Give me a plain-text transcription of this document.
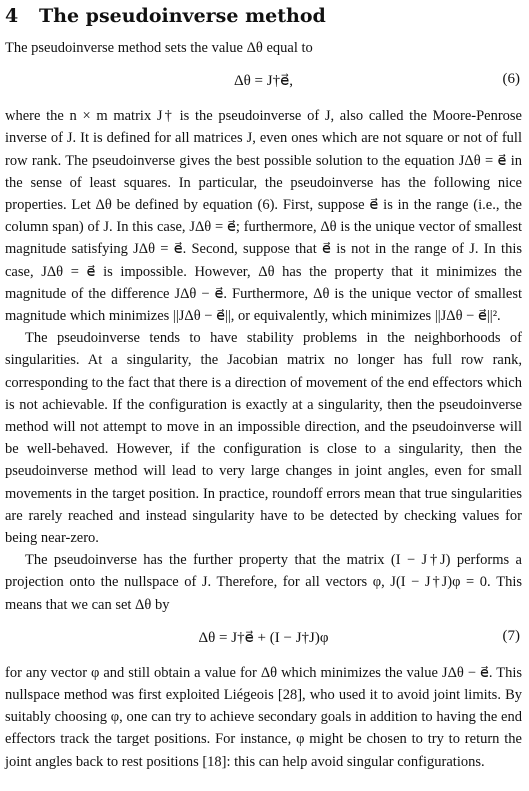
4 The pseudoinverse method

The pseudoinverse method sets the value Δθ equal to

Δθ = J†e⃗,	(6)

where the n × m matrix J† is the pseudoinverse of J, also called the Moore-Penrose inverse of J. It is defined for all matrices J, even ones which are not square or not of full row rank. The pseudoinverse gives the best possible solution to the equation JΔθ = e⃗ in the sense of least squares. In particular, the pseudoinverse has the following nice properties. Let Δθ be defined by equation (6). First, suppose e⃗ is in the range (i.e., the column span) of J. In this case, JΔθ = e⃗; furthermore, Δθ is the unique vector of smallest magnitude satisfying JΔθ = e⃗. Second, suppose that e⃗ is not in the range of J. In this case, JΔθ = e⃗ is impossible. However, Δθ has the property that it minimizes the magnitude of the difference JΔθ − e⃗. Furthermore, Δθ is the unique vector of smallest magnitude which minimizes ||JΔθ − e⃗||, or equivalently, which minimizes ||JΔθ − e⃗||².

The pseudoinverse tends to have stability problems in the neighborhoods of singularities. At a singularity, the Jacobian matrix no longer has full row rank, corresponding to the fact that there is a direction of movement of the end effectors which is not achievable. If the configuration is exactly at a singularity, then the pseudoinverse method will not attempt to move in an impossible direction, and the pseudoinverse will be well-behaved. However, if the configuration is close to a singularity, then the pseudoinverse method will lead to very large changes in joint angles, even for small movements in the target position. In practice, roundoff errors mean that true singularities are rarely reached and instead singularity have to be detected by checking values for being near-zero.

The pseudoinverse has the further property that the matrix (I − J†J) performs a projection onto the nullspace of J. Therefore, for all vectors φ, J(I − J†J)φ = 0. This means that we can set Δθ by

Δθ = J†e⃗ + (I − J†J)φ	(7)

for any vector φ and still obtain a value for Δθ which minimizes the value JΔθ − e⃗. This nullspace method was first exploited Liégeois [28], who used it to avoid joint limits. By suitably choosing φ, one can try to achieve secondary goals in addition to having the end effectors track the target positions. For instance, φ might be chosen to try to return the joint angles back to rest positions [18]: this can help avoid singular configurations.
